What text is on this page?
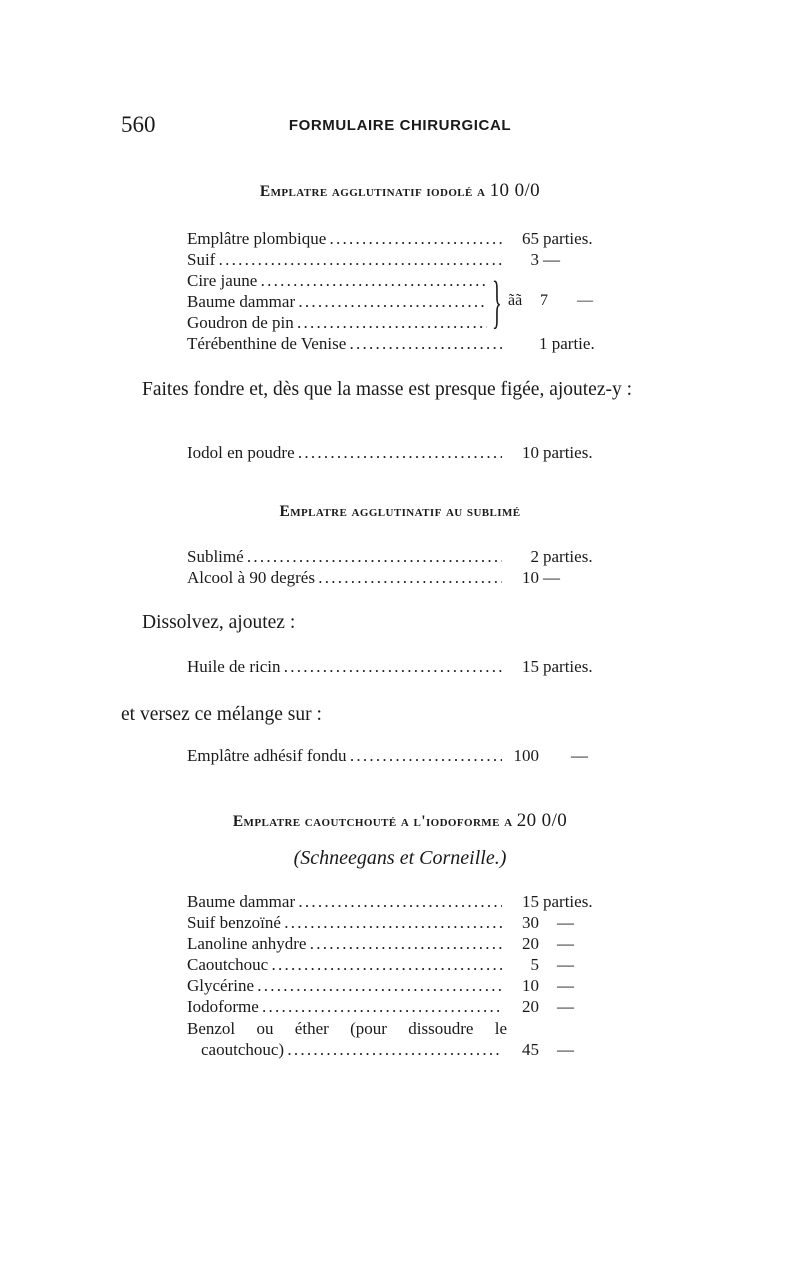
560	FORMULAIRE CHIRURGICAL
Emplatre agglutinatif iodolé a 10 0/0
Emplâtre plombique . . .	65 parties.
Suif . . .	3 —
Cire jaune . . .
Baume dammar . . .
Goudron de pin . . .	} ãã 7 —
Térébenthine de Venise . . .	1 partie.
Faites fondre et, dès que la masse est presque figée, ajoutez-y :
Iodol en poudre . . .	10 parties.
Emplatre agglutinatif au sublimé
Sublimé . . .	2 parties.
Alcool à 90 degrés . . .	10 —
Dissolvez, ajoutez :
Huile de ricin . . .	15 parties.
et versez ce mélange sur :
Emplâtre adhésif fondu . . .	100 —
Emplatre caoutchouté a l'iodoforme a 20 0/0
(Schneegans et Corneille.)
Baume dammar . . .	15 parties.
Suif benzoïné . . .	30 —
Lanoline anhydre . . .	20 —
Caoutchouc . . .	5 —
Glycérine . . .	10 —
Iodoforme . . .	20 —
Benzol ou éther (pour dissoudre le
caoutchouc) . . .	45 —
